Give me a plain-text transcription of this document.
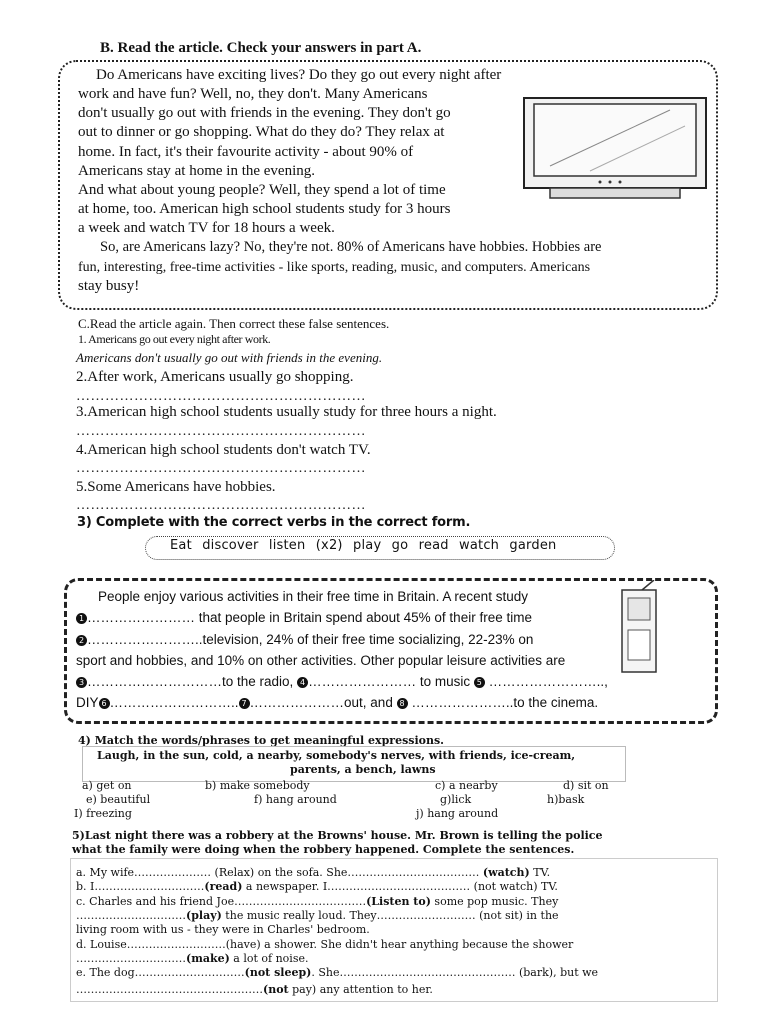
B. Read the article. Check your answers in part A.
Do Americans have exciting lives? Do they go out every night after
work and have fun? Well, no, they don't. Many Americans
don't usually go out with friends in the evening. They don't go
out to dinner or go shopping. What do they do? They relax at
home. In fact, it's their favourite activity - about 90% of
Americans stay at home in the evening.
And what about young people? Well, they spend a lot of time
at home, too. American high school students study for 3 hours
a week and watch TV for 18 hours a week.
So, are Americans lazy? No, they're not. 80% of Americans have hobbies. Hobbies are
fun, interesting, free-time activities - like sports, reading, music, and computers. Americans
stay busy!
C.Read the article again. Then correct these false sentences.
1. Americans go out every night after work.
Americans don't usually go out with friends in the evening.
2.After work, Americans usually go shopping.
……………………………………………………
3.American high school students usually study for three hours a night.
……………………………………………………
4.American high school students don't watch TV.
……………………………………………………
5.Some Americans have hobbies.
……………………………………………………
3) Complete with the correct verbs in the correct form.
Eat discover listen (x2) play go read watch garden
People enjoy various activities in their free time in Britain. A recent study
1 …………………… that people in Britain spend about 45% of their free time
2 ……………………..television, 24% of their free time socializing, 22-23% on
sport and hobbies, and 10% on other activities. Other popular leisure activities are
3 …………………………to the radio, 4 …………………… to music 5 ……………………..,
DIY 6 ……………………….. 7 …………………out, and 8 …………………..to the cinema.
4) Match the words/phrases to get meaningful expressions.
Laugh, in the sun, cold, a nearby, somebody's nerves, with friends, ice-cream,
parents, a bench, lawns
a) get on	b) make somebody	c) a nearby	d) sit on
e) beautiful	f) hang around	g)lick	h)bask
I) freezing	j) hang around
5)Last night there was a robbery at the Browns' house. Mr. Brown is telling the police
what the family were doing when the robbery happened. Complete the sentences.
a. My wife………………… (Relax) on the sofa. She……………………………… (watch) TV.
b. I…………………………(read) a newspaper. I………………………………… (not watch) TV.
c. Charles and his friend Joe………………………………(Listen to) some pop music. They
…………………………(play) the music really loud. They……………………… (not sit) in the
living room with us - they were in Charles' bedroom.
d. Louise………………………(have) a shower. She didn't hear anything because the shower
…………………………(make) a lot of noise.
e. The dog…………………………(not sleep). She………………………………………… (bark), but we
……………………………………………(not pay) any attention to her.
